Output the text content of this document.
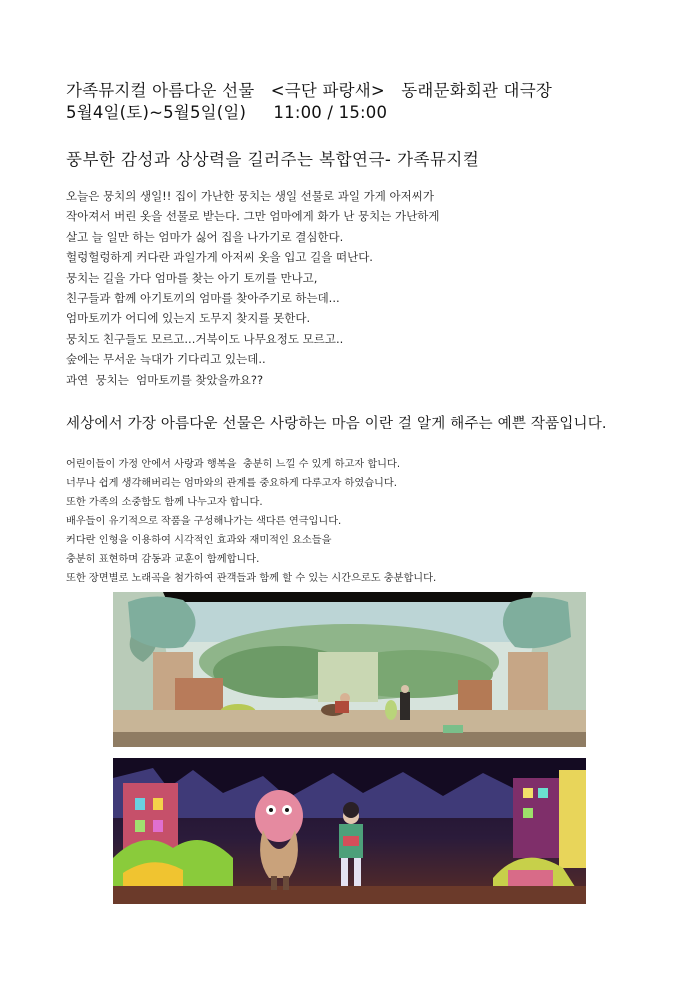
가족뮤지컬 아름다운 선물   <극단 파랑새>   동래문화회관 대극장
5월4일(토)~5월5일(일)     11:00 / 15:00
풍부한 감성과 상상력을 길러주는 복합연극- 가족뮤지컬
오늘은 뭉치의 생일!! 집이 가난한 뭉치는 생일 선물로 과일 가게 아저씨가
작아져서 버린 옷을 선물로 받는다. 그만 엄마에게 화가 난 뭉치는 가난하게
살고 늘 일만 하는 엄마가 싫어 집을 나가기로 결심한다.
헐렁헐렁하게 커다란 과일가게 아저씨 옷을 입고 길을 떠난다.
뭉치는 길을 가다 엄마를 찾는 아기 토끼를 만나고,
친구들과 함께 아기토끼의 엄마를 찾아주기로 하는데...
엄마토끼가 어디에 있는지 도무지 찾지를 못한다.
뭉치도 친구들도 모르고...거북이도 나무요정도 모르고..
숲에는 무서운 늑대가 기다리고 있는데..
과연  뭉치는  엄마토끼를 찾았을까요??
세상에서 가장 아름다운 선물은 사랑하는 마음 이란 걸 알게 해주는 예쁜 작품입니다.
어린이들이 가정 안에서 사랑과 행복을  충분히 느낄 수 있게 하고자 합니다.
너무나 쉽게 생각해버리는 엄마와의 관계를 중요하게 다루고자 하였습니다.
또한 가족의 소중함도 함께 나누고자 합니다.
배우들이 유기적으로 작품을 구성해나가는 색다른 연극입니다.
커다란 인형을 이용하여 시각적인 효과와 재미적인 요소들을
충분히 표현하며 감동과 교훈이 함께합니다.
또한 장면별로 노래곡을 첨가하여 관객들과 함께 할 수 있는 시간으로도 충분합니다.
